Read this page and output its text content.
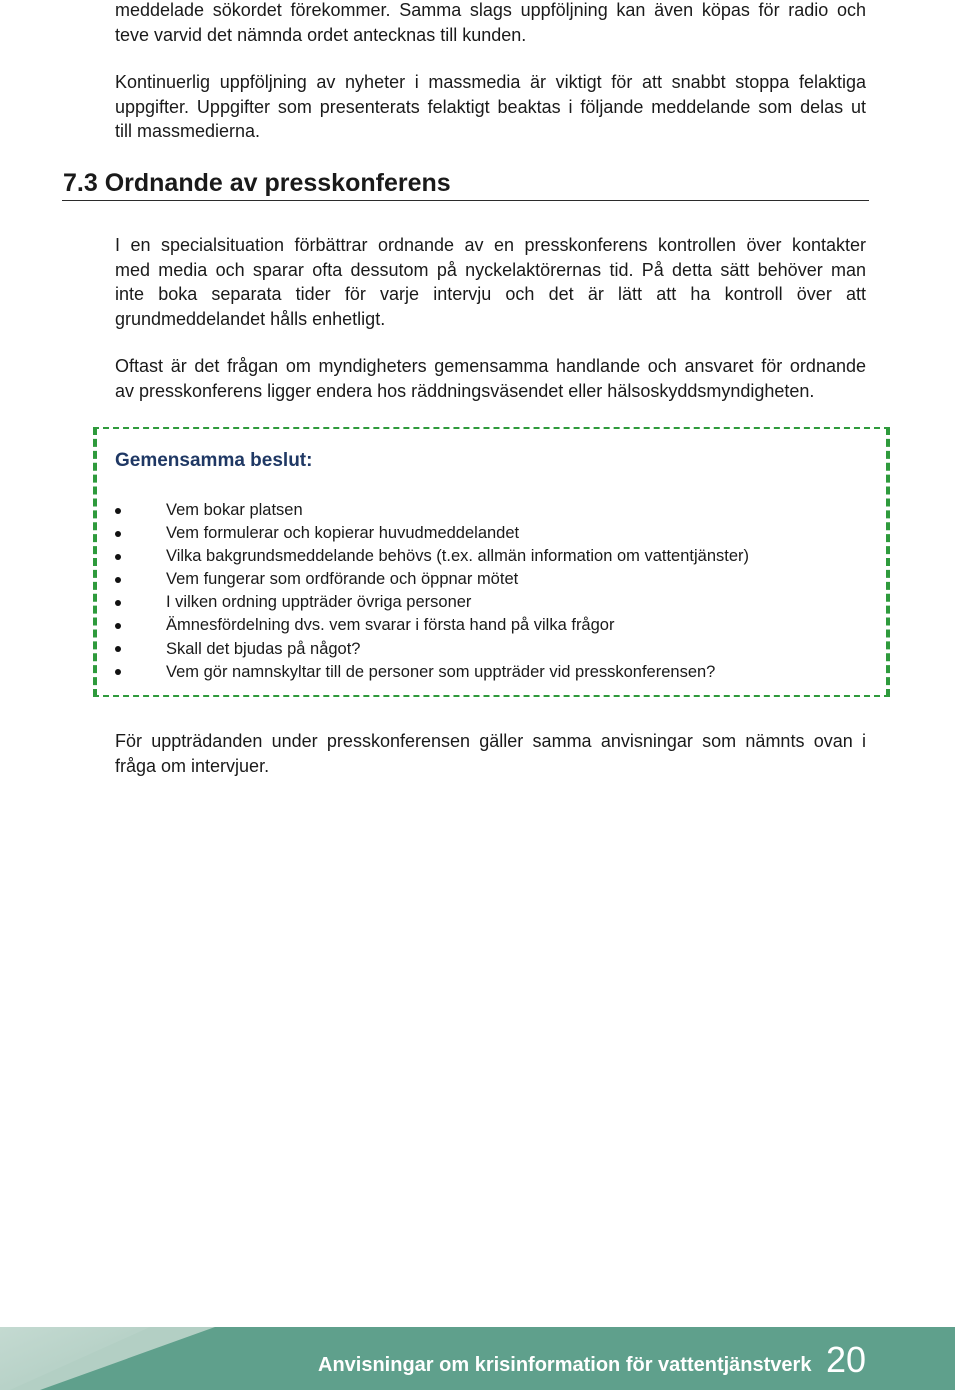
meddelade sökordet förekommer. Samma slags uppföljning kan även köpas för radio och
teve varvid det nämnda ordet antecknas till kunden.
Kontinuerlig uppföljning av nyheter i massmedia är viktigt för att snabbt stoppa felaktiga
uppgifter. Uppgifter som presenterats felaktigt beaktas i följande meddelande som delas ut
till massmedierna.
7.3 Ordnande av presskonferens
I en specialsituation förbättrar ordnande av en presskonferens kontrollen över kontakter
med media och sparar ofta dessutom på nyckelaktörernas tid. På detta sätt behöver man
inte boka separata tider för varje intervju och det är lätt att ha kontroll över att
grundmeddelandet hålls enhetligt.
Oftast är det frågan om myndigheters gemensamma handlande och ansvaret för ordnande
av presskonferens ligger endera hos räddningsväsendet eller hälsoskyddsmyndigheten.
Gemensamma beslut:
Vem bokar platsen
Vem formulerar och kopierar huvudmeddelandet
Vilka bakgrundsmeddelande behövs (t.ex. allmän information om vattentjänster)
Vem fungerar som ordförande och öppnar mötet
I vilken ordning uppträder övriga personer
Ämnesfördelning dvs. vem svarar i första hand på vilka frågor
Skall det bjudas på något?
Vem gör namnskyltar till de personer som uppträder vid presskonferensen?
För uppträdanden under presskonferensen gäller samma anvisningar som nämnts ovan i
fråga om intervjuer.
Anvisningar om krisinformation för vattentjänstverk 20
